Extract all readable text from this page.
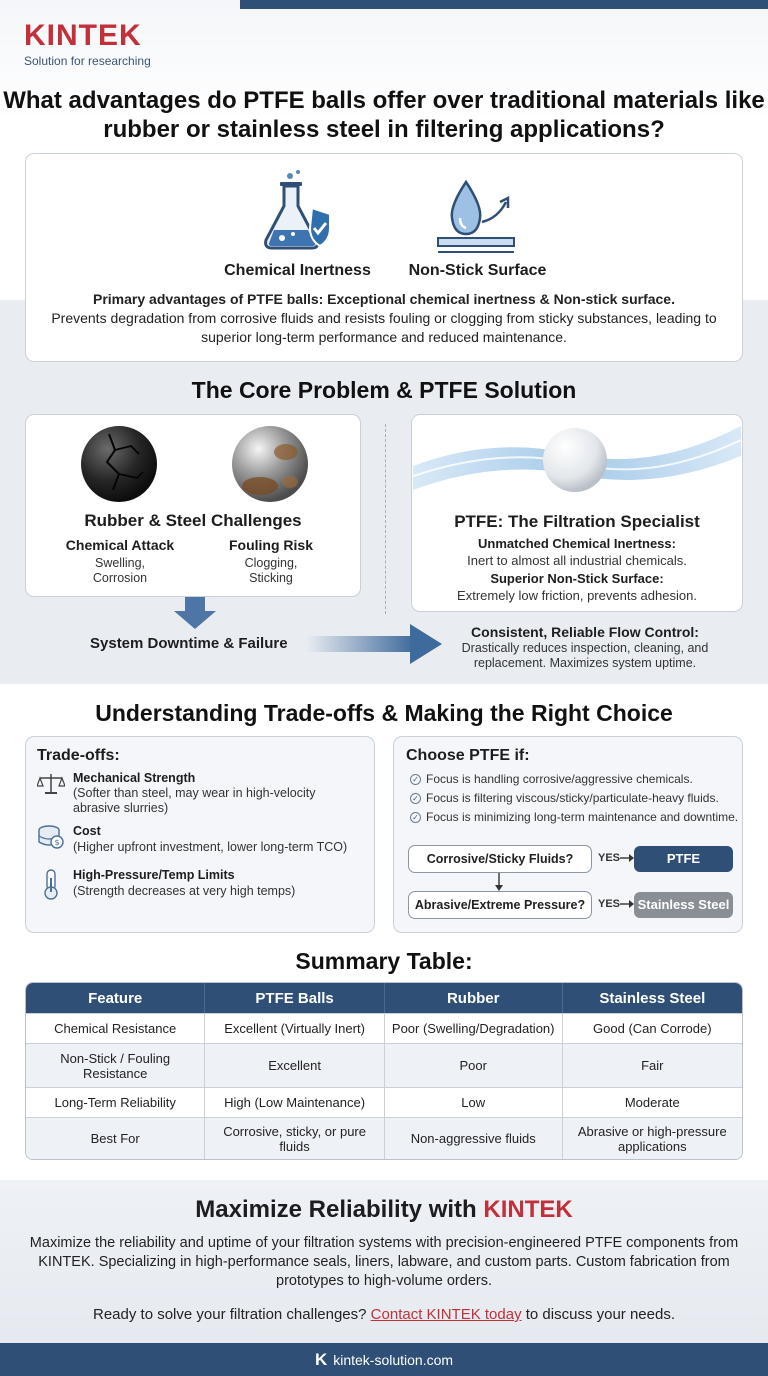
KINTEK
Solution for researching
What advantages do PTFE balls offer over traditional materials like rubber or stainless steel in filtering applications?
Chemical Inertness	Non-Stick Surface
Primary advantages of PTFE balls: Exceptional chemical inertness & Non-stick surface.
Prevents degradation from corrosive fluids and resists fouling or clogging from sticky substances, leading to superior long-term performance and reduced maintenance.
The Core Problem & PTFE Solution
Rubber & Steel Challenges
Chemical Attack
Swelling, Corrosion
Fouling Risk
Clogging, Sticking
System Downtime & Failure
PTFE: The Filtration Specialist
Unmatched Chemical Inertness:
Inert to almost all industrial chemicals.
Superior Non-Stick Surface:
Extremely low friction, prevents adhesion.
Consistent, Reliable Flow Control:
Drastically reduces inspection, cleaning, and replacement. Maximizes system uptime.
Understanding Trade-offs & Making the Right Choice
Trade-offs:
Mechanical Strength
(Softer than steel, may wear in high-velocity abrasive slurries)
$
Cost
(Higher upfront investment, lower long-term TCO)
High-Pressure/Temp Limits
(Strength decreases at very high temps)
Choose PTFE if:
✓ Focus is handling corrosive/aggressive chemicals.
✓ Focus is filtering viscous/sticky/particulate-heavy fluids.
✓ Focus is minimizing long-term maintenance and downtime.
Corrosive/Sticky Fluids?	YES	PTFE
Abrasive/Extreme Pressure?	YES Stainless Steel
Summary Table:
Feature	PTFE Balls	Rubber	Stainless Steel
Chemical Resistance	Excellent (Virtually Inert)	Poor (Swelling/Degradation)	Good (Can Corrode)
Non-Stick / Fouling Resistance	Excellent	Poor	Fair
Long-Term Reliability	High (Low Maintenance)	Low	Moderate
Best For	Corrosive, sticky, or pure fluids	Non-aggressive fluids	Abrasive or high-pressure applications
Maximize Reliability with KINTEK
Maximize the reliability and uptime of your filtration systems with precision-engineered PTFE components from KINTEK. Specializing in high-performance seals, liners, labware, and custom parts. Custom fabrication from prototypes to high-volume orders.
Ready to solve your filtration challenges? Contact KINTEK today to discuss your needs.
K kintek-solution.com
